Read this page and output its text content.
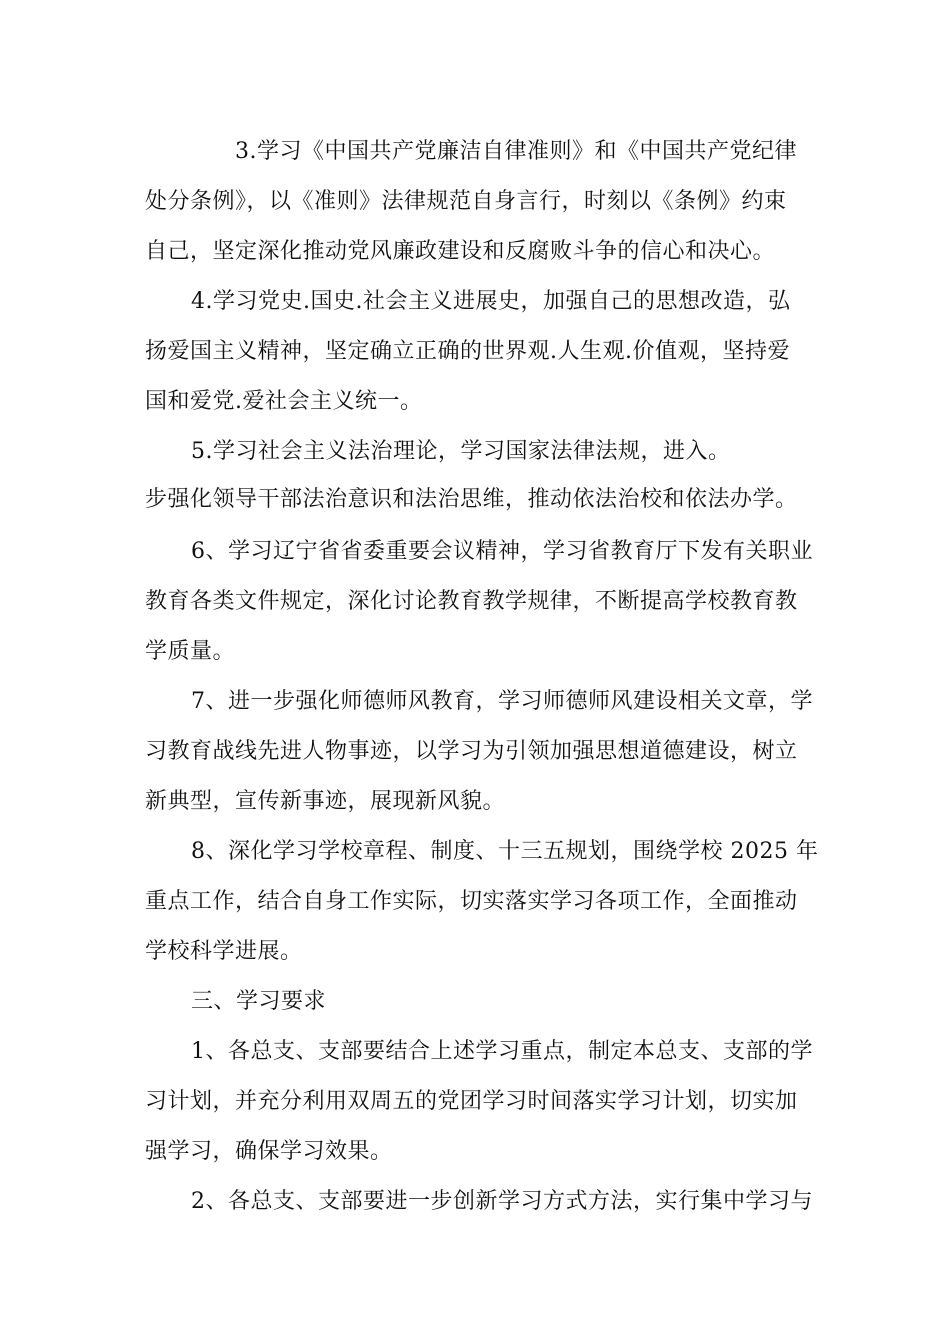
3.学习《中国共产党廉洁自律准则》和《中国共产党纪律
处分条例》，以《准则》法律规范自身言行，时刻以《条例》约束
自己，坚定深化推动党风廉政建设和反腐败斗争的信心和决心。
4.学习党史.国史.社会主义进展史，加强自己的思想改造，弘
扬爱国主义精神，坚定确立正确的世界观.人生观.价值观，坚持爱
国和爱党.爱社会主义统一。
5.学习社会主义法治理论，学习国家法律法规，进入。
步强化领导干部法治意识和法治思维，推动依法治校和依法办学。
6、学习辽宁省省委重要会议精神，学习省教育厅下发有关职业
教育各类文件规定，深化讨论教育教学规律，不断提高学校教育教
学质量。
7、进一步强化师德师风教育，学习师德师风建设相关文章，学
习教育战线先进人物事迹，以学习为引领加强思想道德建设，树立
新典型，宣传新事迹，展现新风貌。
8、深化学习学校章程、制度、十三五规划，围绕学校 2025 年
重点工作，结合自身工作实际，切实落实学习各项工作，全面推动
学校科学进展。
三、学习要求
1、各总支、支部要结合上述学习重点，制定本总支、支部的学
习计划，并充分利用双周五的党团学习时间落实学习计划，切实加
强学习，确保学习效果。
2、各总支、支部要进一步创新学习方式方法，实行集中学习与
